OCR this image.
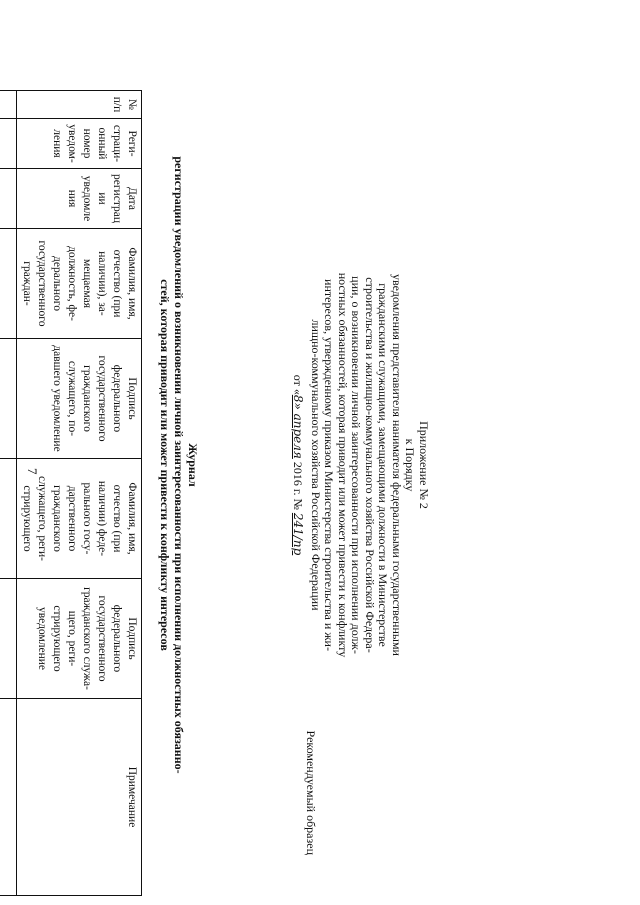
7	Приложение № 2
к Порядку
уведомления представителя нанимателя федеральными государственными
гражданскими служащими, замещающими должности в Министерстве
строительства и жилищно-коммунального хозяйства Российской Федера-
ции, о возникновении личной заинтересованности при исполнении долж-
ностных обязанностей, которая приводит или может привести к конфликту
интересов, утвержденному приказом Министерства строительства и жи-
лищно-коммунального хозяйства Российской Федерации
от «8» апреля 2016 г. № 241/пр
Рекомендуемый образец
Журнал
регистрации уведомлений о возникновении личной заинтересованности при исполнении должностных обязанно-
стей, которая приводит или может привести к конфликту интересов
№ п/п	Регистрационный номер уведомления	Дата регистрации уведомления	Фамилия, имя, отчество (при наличии), замещаемая должность, федерального государственного граждан-	Подпись федерального государственного гражданского служащего, подавшего уведомление	Фамилия, имя, отчество (при наличии) федерального государственного гражданского служащего, регистрирующего	Подпись федерального государственного гражданского служащего, регистрирующего уведомление	Примечание
